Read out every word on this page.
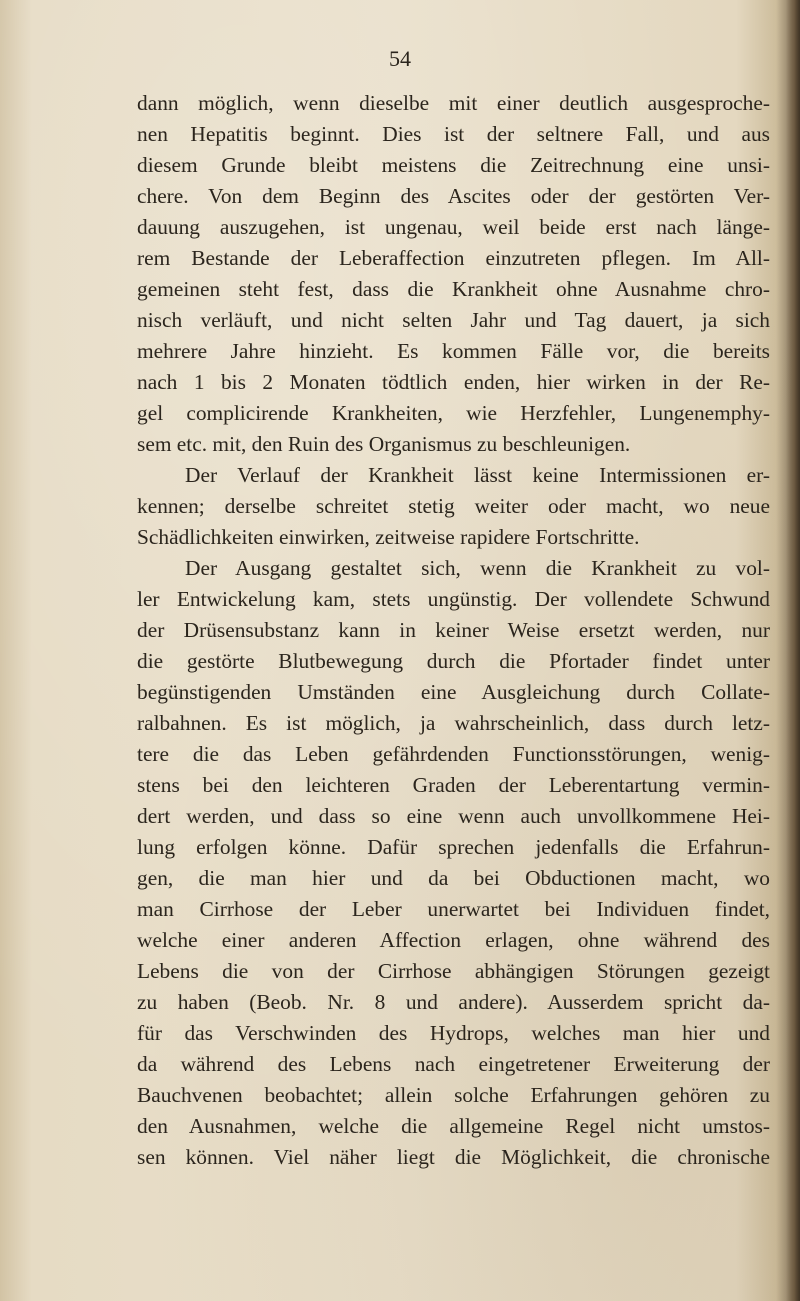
54
dann möglich, wenn dieselbe mit einer deutlich ausgesproche-
nen Hepatitis beginnt. Dies ist der seltnere Fall, und aus
diesem Grunde bleibt meistens die Zeitrechnung eine unsi-
chere. Von dem Beginn des Ascites oder der gestörten Ver-
dauung auszugehen, ist ungenau, weil beide erst nach länge-
rem Bestande der Leberaffection einzutreten pflegen. Im All-
gemeinen steht fest, dass die Krankheit ohne Ausnahme chro-
nisch verläuft, und nicht selten Jahr und Tag dauert, ja sich
mehrere Jahre hinzieht. Es kommen Fälle vor, die bereits
nach 1 bis 2 Monaten tödtlich enden, hier wirken in der Re-
gel complicirende Krankheiten, wie Herzfehler, Lungenemphy-
sem etc. mit, den Ruin des Organismus zu beschleunigen.
Der Verlauf der Krankheit lässt keine Intermissionen er-
kennen; derselbe schreitet stetig weiter oder macht, wo neue
Schädlichkeiten einwirken, zeitweise rapidere Fortschritte.
Der Ausgang gestaltet sich, wenn die Krankheit zu vol-
ler Entwickelung kam, stets ungünstig. Der vollendete Schwund
der Drüsensubstanz kann in keiner Weise ersetzt werden, nur
die gestörte Blutbewegung durch die Pfortader findet unter
begünstigenden Umständen eine Ausgleichung durch Collate-
ralbahnen. Es ist möglich, ja wahrscheinlich, dass durch letz-
tere die das Leben gefährdenden Functionsstörungen, wenig-
stens bei den leichteren Graden der Leberentartung vermin-
dert werden, und dass so eine wenn auch unvollkommene Hei-
lung erfolgen könne. Dafür sprechen jedenfalls die Erfahrun-
gen, die man hier und da bei Obductionen macht, wo
man Cirrhose der Leber unerwartet bei Individuen findet,
welche einer anderen Affection erlagen, ohne während des
Lebens die von der Cirrhose abhängigen Störungen gezeigt
zu haben (Beob. Nr. 8 und andere). Ausserdem spricht da-
für das Verschwinden des Hydrops, welches man hier und
da während des Lebens nach eingetretener Erweiterung der
Bauchvenen beobachtet; allein solche Erfahrungen gehören zu
den Ausnahmen, welche die allgemeine Regel nicht umstos-
sen können. Viel näher liegt die Möglichkeit, die chronische
